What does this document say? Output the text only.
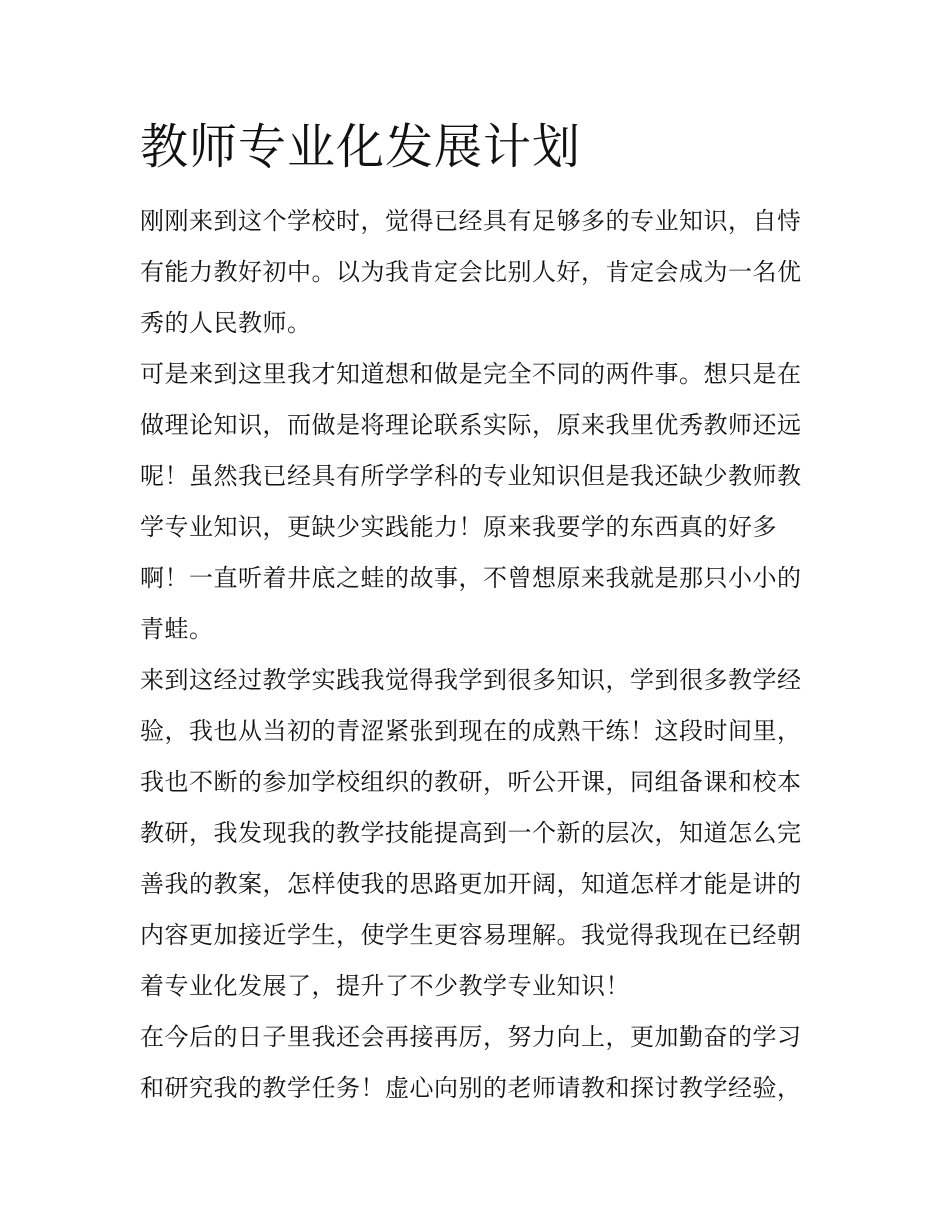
教师专业化发展计划

刚刚来到这个学校时，觉得已经具有足够多的专业知识，自恃
有能力教好初中。以为我肯定会比别人好，肯定会成为一名优
秀的人民教师。

可是来到这里我才知道想和做是完全不同的两件事。想只是在
做理论知识，而做是将理论联系实际，原来我里优秀教师还远
呢！虽然我已经具有所学学科的专业知识但是我还缺少教师教
学专业知识，更缺少实践能力！原来我要学的东西真的好多
啊！一直听着井底之蛙的故事，不曾想原来我就是那只小小的
青蛙。

来到这经过教学实践我觉得我学到很多知识，学到很多教学经
验，我也从当初的青涩紧张到现在的成熟干练！这段时间里，
我也不断的参加学校组织的教研，听公开课，同组备课和校本
教研，我发现我的教学技能提高到一个新的层次，知道怎么完
善我的教案，怎样使我的思路更加开阔，知道怎样才能是讲的
内容更加接近学生，使学生更容易理解。我觉得我现在已经朝
着专业化发展了，提升了不少教学专业知识！

在今后的日子里我还会再接再厉，努力向上，更加勤奋的学习
和研究我的教学任务！虚心向别的老师请教和探讨教学经验，
